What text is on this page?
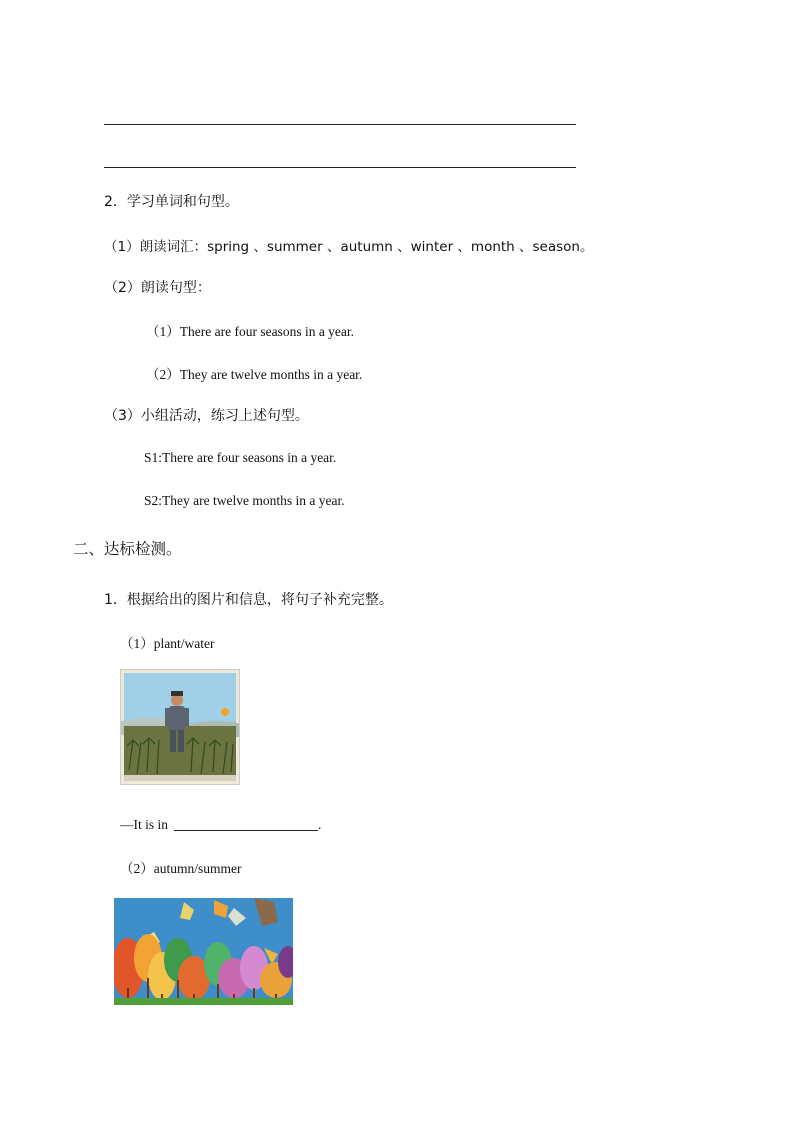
2．学习单词和句型。
（1）朗读词汇：spring 、summer 、autumn 、winter 、month 、season。
（2）朗读句型：
（1）There are four seasons in a year.
（2）They are twelve months in a year.
（3）小组活动，练习上述句型。
S1:There are four seasons in a year.
S2:They are twelve months in a year.
二、达标检测。
1．根据给出的图片和信息，将句子补充完整。
（1）plant/water
—It is in	.
（2）autumn/summer
